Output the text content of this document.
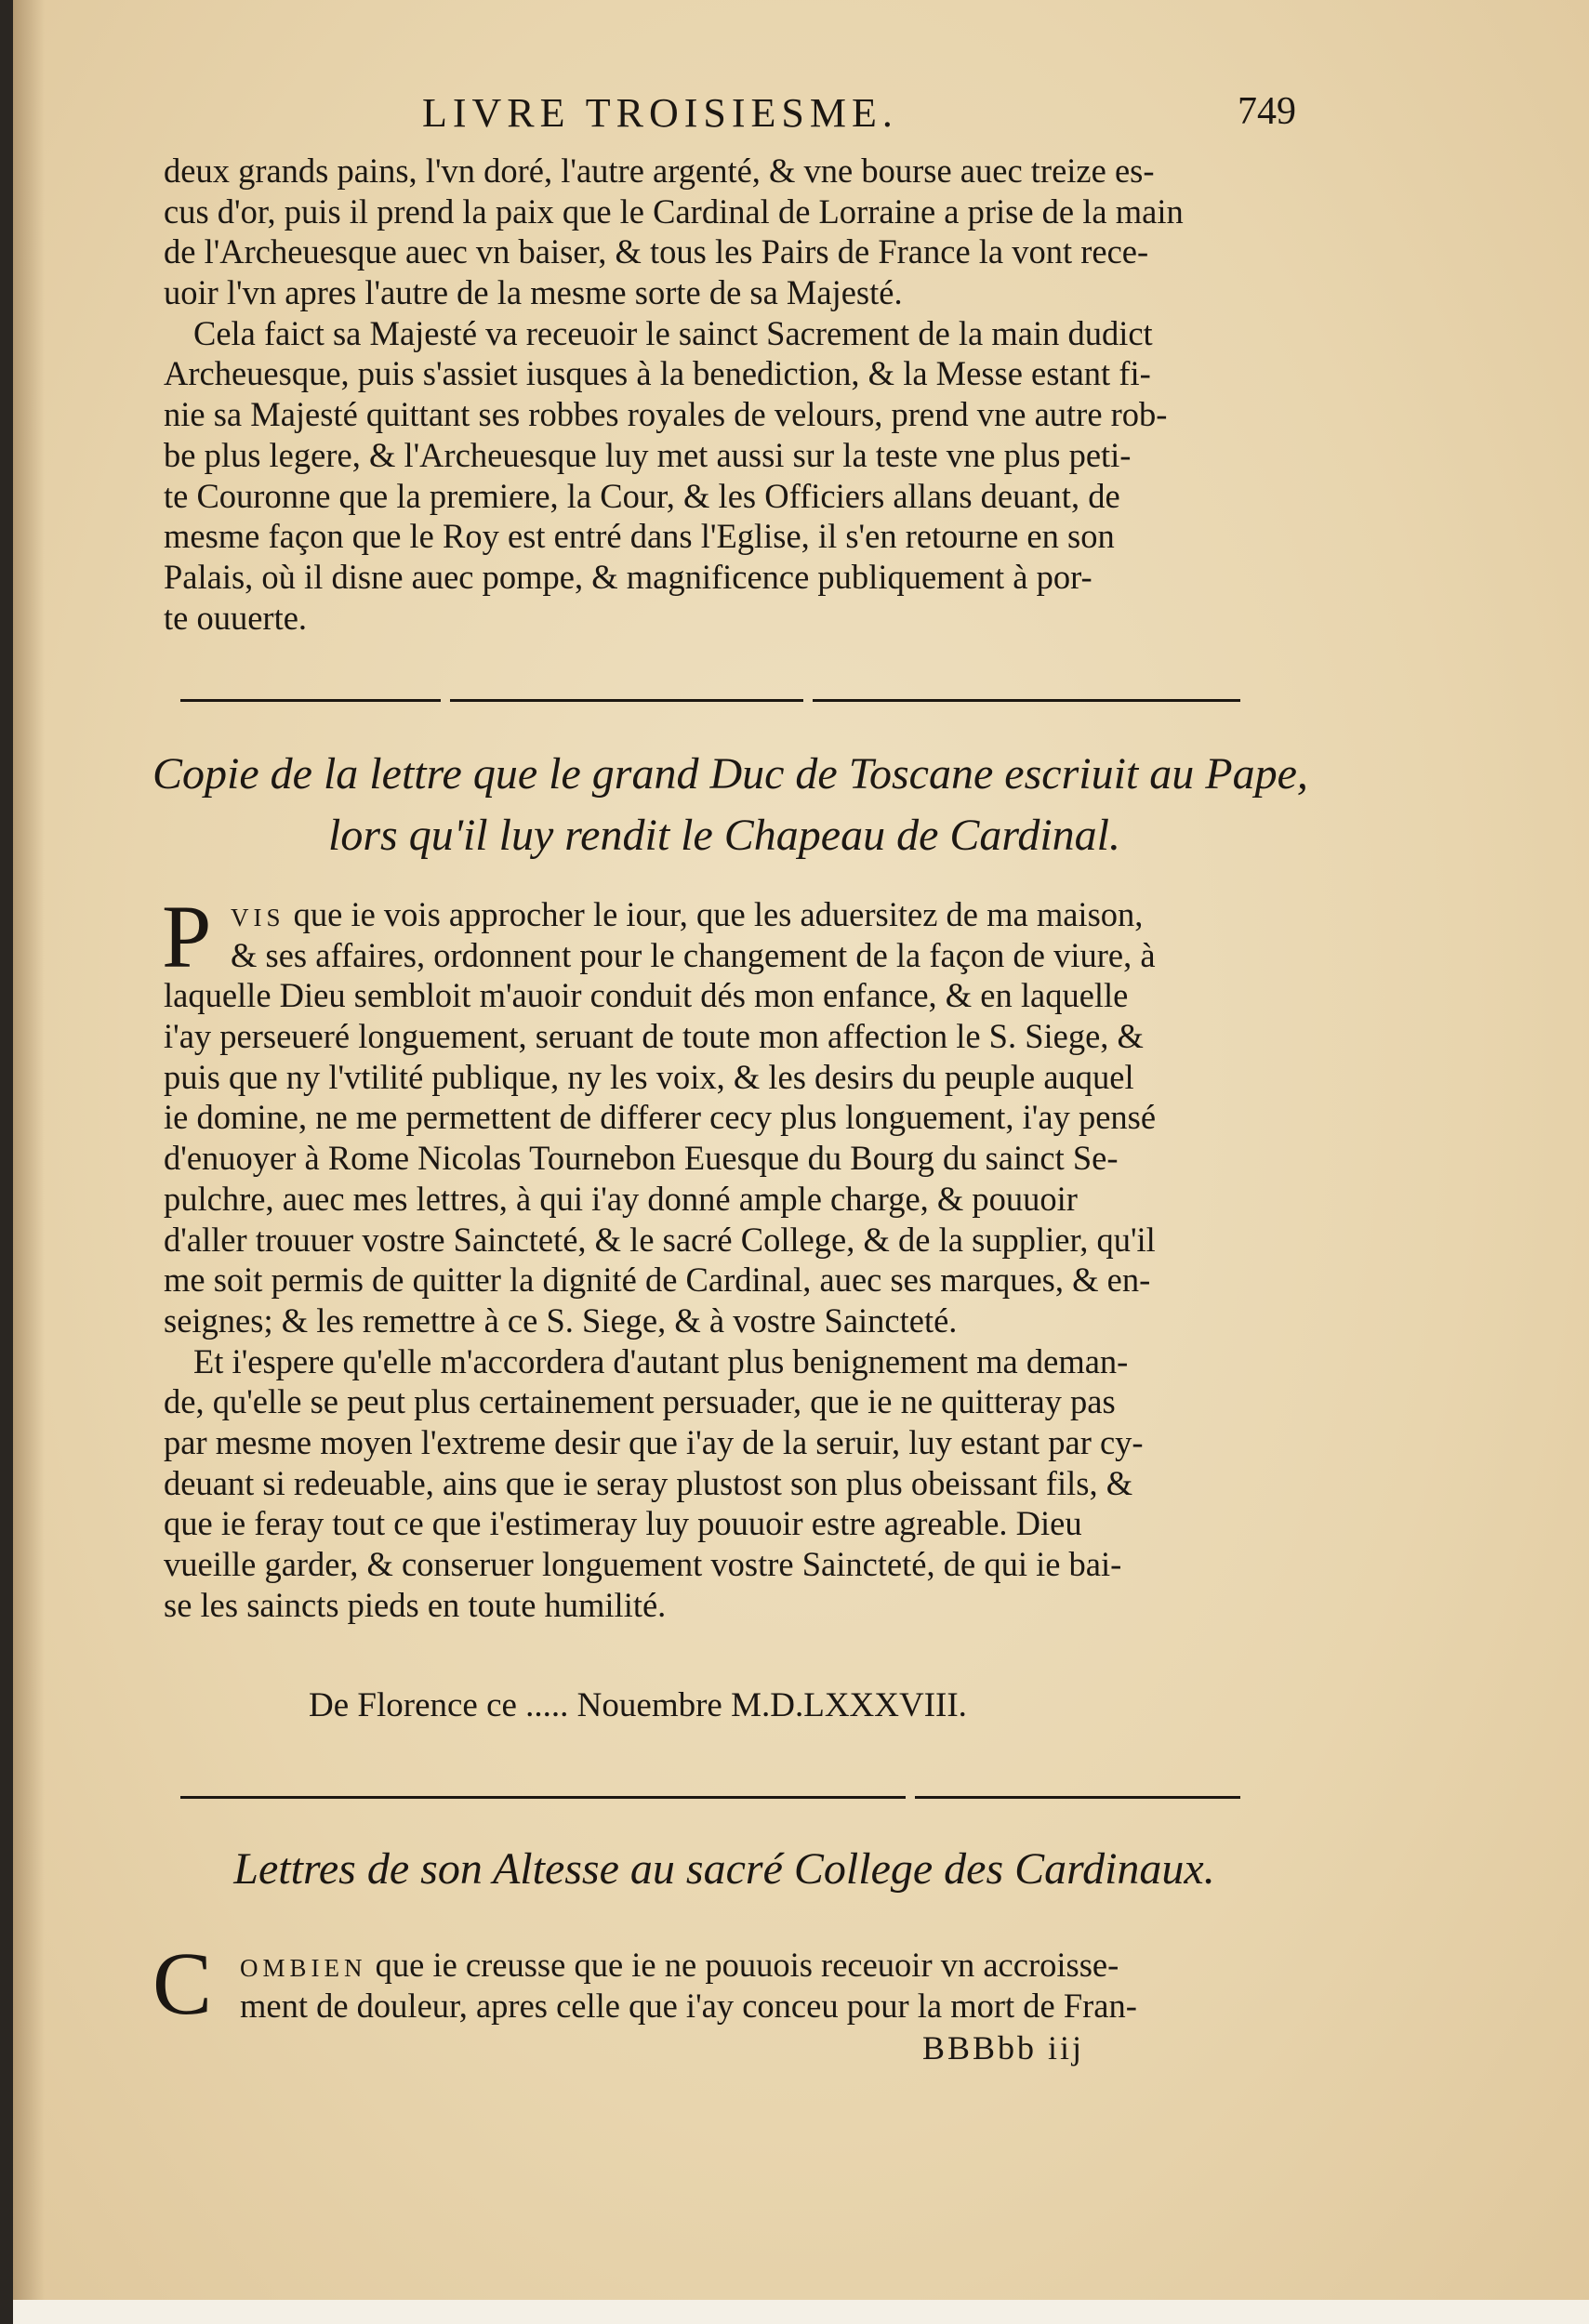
LIVRE TROISIESME.	749
deux grands pains, l'vn doré, l'autre argenté, & vne bourse auec treize es-
cus d'or, puis il prend la paix que le Cardinal de Lorraine a prise de la main
de l'Archeuesque auec vn baiser, & tous les Pairs de France la vont rece-
uoir l'vn apres l'autre de la mesme sorte de sa Majesté.
Cela faict sa Majesté va receuoir le sainct Sacrement de la main dudict
Archeuesque, puis s'assiet iusques à la benediction, & la Messe estant fi-
nie sa Majesté quittant ses robbes royales de velours, prend vne autre rob-
be plus legere, & l'Archeuesque luy met aussi sur la teste vne plus peti-
te Couronne que la premiere, la Cour, & les Officiers allans deuant, de
mesme façon que le Roy est entré dans l'Eglise, il s'en retourne en son
Palais, où il disne auec pompe, & magnificence publiquement à por-
te ouuerte.
Copie de la lettre que le grand Duc de Toscane escriuit au Pape,
lors qu'il luy rendit le Chapeau de Cardinal.
P VIS que ie vois approcher le iour, que les aduersitez de ma maison,
& ses affaires, ordonnent pour le changement de la façon de viure, à
laquelle Dieu sembloit m'auoir conduit dés mon enfance, & en laquelle
i'ay perseueré longuement, seruant de toute mon affection le S. Siege, &
puis que ny l'vtilité publique, ny les voix, & les desirs du peuple auquel
ie domine, ne me permettent de differer cecy plus longuement, i'ay pensé
d'enuoyer à Rome Nicolas Tournebon Euesque du Bourg du sainct Se-
pulchre, auec mes lettres, à qui i'ay donné ample charge, & pouuoir
d'aller trouuer vostre Saincteté, & le sacré College, & de la supplier, qu'il
me soit permis de quitter la dignité de Cardinal, auec ses marques, & en-
seignes; & les remettre à ce S. Siege, & à vostre Sainctеté.
Et i'espere qu'elle m'accordera d'autant plus benignement ma deman-
de, qu'elle se peut plus certainement persuader, que ie ne quitteray pas
par mesme moyen l'extreme desir que i'ay de la seruir, luy estant par cy-
deuant si redeuable, ains que ie seray plustost son plus obeissant fils, &
que ie feray tout ce que i'estimeray luy pouuoir estre agreable. Dieu
vueille garder, & conseruer longuement vostre Sainctеté, de qui ie bai-
se les saincts pieds en toute humilité.
De Florence ce ..... Nouembre M.D.LXXXVIII.
Lettres de son Altesse au sacré College des Cardinaux.
C	OMBIEN que ie creusse que ie ne pouuois receuoir vn accroisse-
ment de douleur, apres celle que i'ay conceu pour la mort de Fran-
BBBbb iij
